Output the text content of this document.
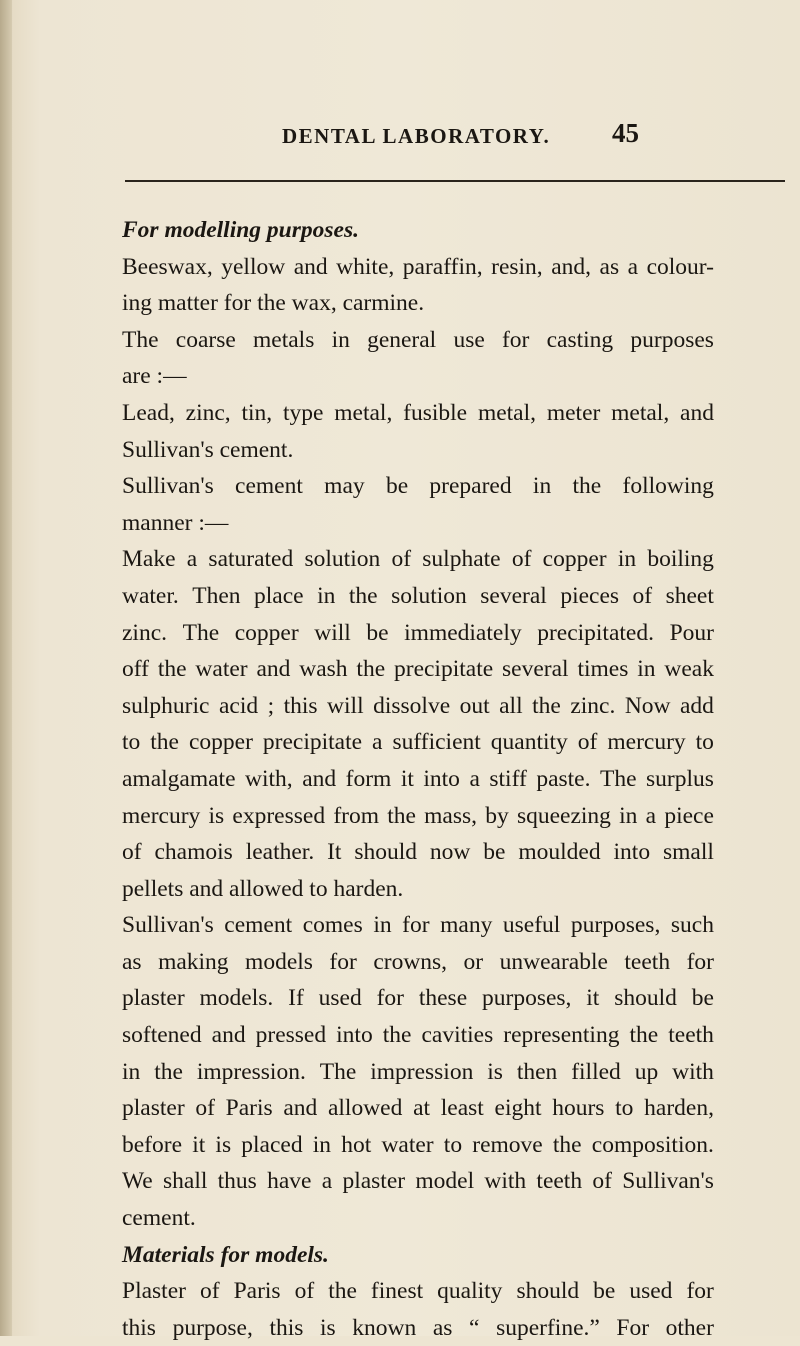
DENTAL LABORATORY. 45
For modelling purposes.
Beeswax, yellow and white, paraffin, resin, and, as a colour-
ing matter for the wax, carmine.
The coarse metals in general use for casting purposes
are :—
Lead, zinc, tin, type metal, fusible metal, meter metal, and
Sullivan's cement.
Sullivan's cement may be prepared in the following
manner :—
Make a saturated solution of sulphate of copper in boiling
water. Then place in the solution several pieces of sheet
zinc. The copper will be immediately precipitated. Pour
off the water and wash the precipitate several times in weak
sulphuric acid ; this will dissolve out all the zinc. Now add
to the copper precipitate a sufficient quantity of mercury to
amalgamate with, and form it into a stiff paste. The surplus
mercury is expressed from the mass, by squeezing in a piece
of chamois leather. It should now be moulded into small
pellets and allowed to harden.
Sullivan's cement comes in for many useful purposes, such
as making models for crowns, or unwearable teeth for
plaster models. If used for these purposes, it should be
softened and pressed into the cavities representing the teeth
in the impression. The impression is then filled up with
plaster of Paris and allowed at least eight hours to harden,
before it is placed in hot water to remove the composition.
We shall thus have a plaster model with teeth of Sullivan's
cement.
Materials for models.
Plaster of Paris of the finest quality should be used for
this purpose, this is known as “ superfine.” For other
